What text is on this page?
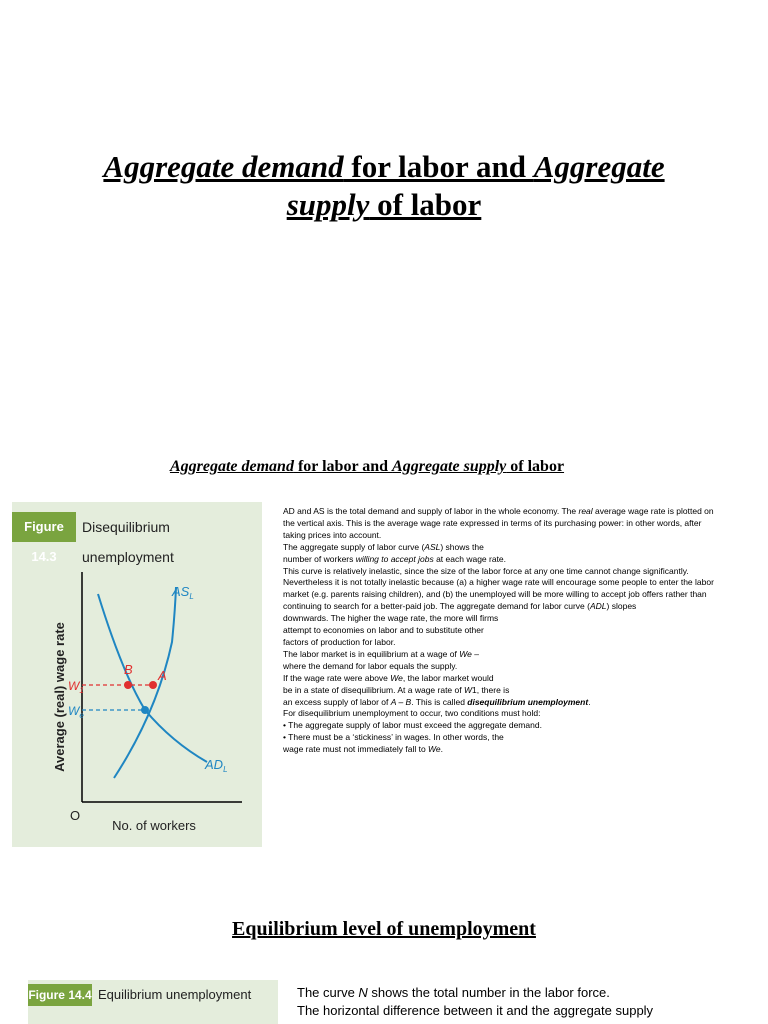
Aggregate demand for labor and Aggregate
supply of labor
Aggregate demand for labor and Aggregate supply of labor
Figure 14.3
Disequilibrium unemployment
Average (real) wage rate
No. of workers
O
B A
$W_1$
$W_e$
$AS_L$
$AD_L$

AD and AS is the total demand and supply of labor in the whole economy. The real average wage rate is plotted on the vertical axis. This is the average wage rate expressed in terms of its purchasing power: in other words, after taking prices into account.

The aggregate supply of labor curve (ASL) shows the

number of workers willing to accept jobs at each wage rate.

This curve is relatively inelastic, since the size of the labor force at any one time cannot change significantly. Nevertheless it is not totally inelastic because (a) a higher wage rate will encourage some people to enter the labor market (e.g. parents raising children), and (b) the unemployed will be more willing to accept job offers rather than continuing to search for a better-paid job. The aggregate demand for labor curve (ADL) slopes

downwards. The higher the wage rate, the more will firms

attempt to economies on labor and to substitute other

factors of production for labor.

The labor market is in equilibrium at a wage of We –

where the demand for labor equals the supply.

If the wage rate were above We, the labor market would

be in a state of disequilibrium. At a wage rate of W1, there is

an excess supply of labor of A – B. This is called disequilibrium unemployment.

For disequilibrium unemployment to occur, two conditions must hold:

• The aggregate supply of labor must exceed the aggregate demand.

• There must be a ‘stickiness’ in wages. In other words, the

wage rate must not immediately fall to We.

Equilibrium level of unemployment
Figure 14.4 Equilibrium unemployment	The curve N shows the total number in the labor force.

The horizontal difference between it and the aggregate supply
